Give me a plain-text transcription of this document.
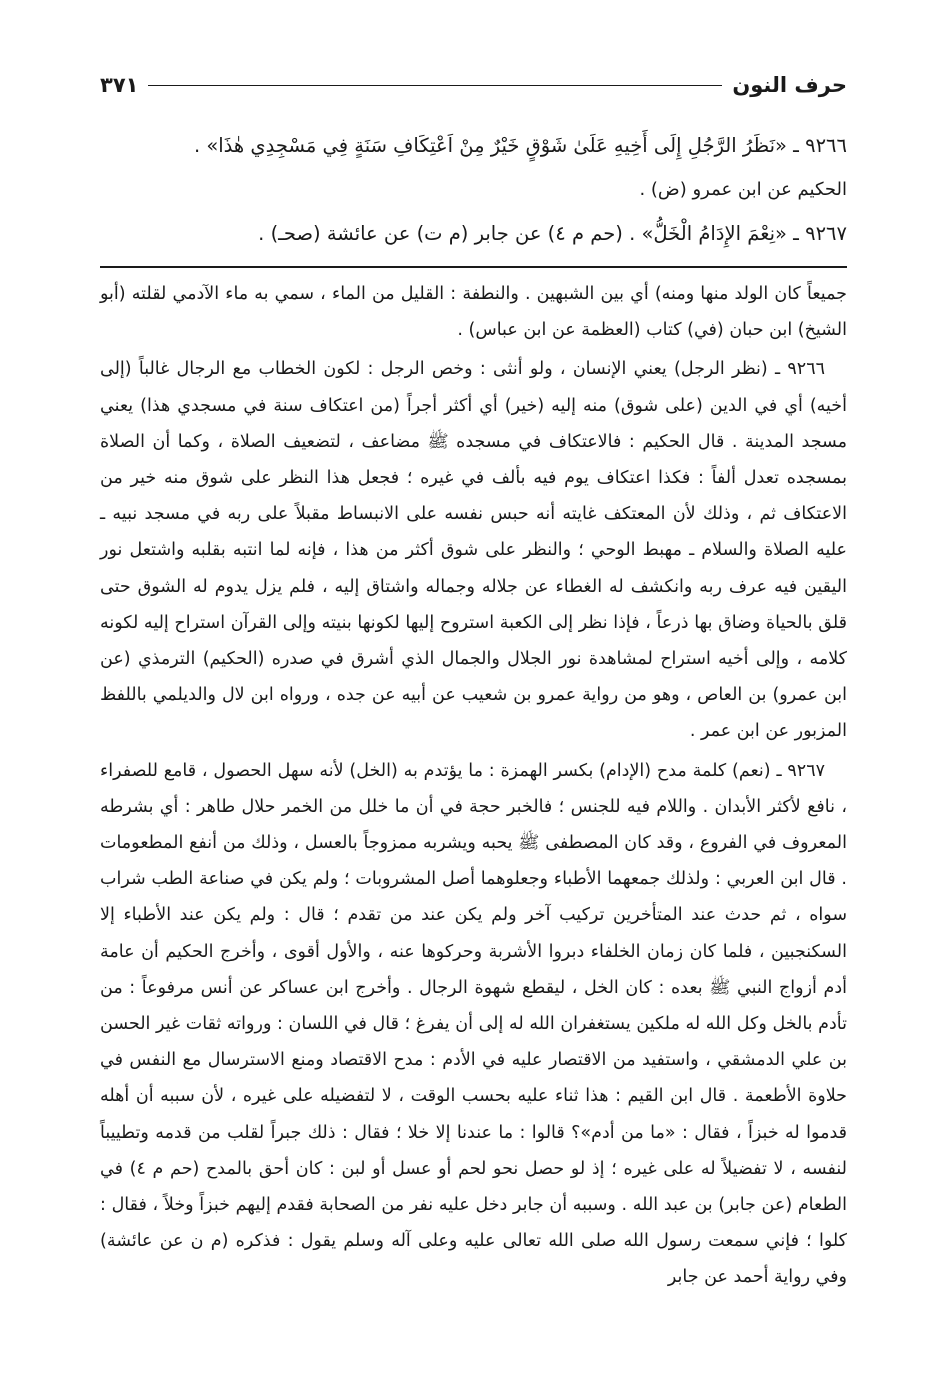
حرف النون
٣٧١

٩٢٦٦ ـ «نَظَرُ الرَّجُلِ إِلَى أَخِيهِ عَلَىٰ شَوْقٍ خَيْرٌ مِنْ اَعْتِكَافِ سَنَةٍ فِي مَسْجِدِي هٰذَا» .

الحكيم عن ابن عمرو (ض) .

٩٢٦٧ ـ «نِعْمَ الإِدَامُ الْخَلُّ» . (حم م ٤) عن جابر (م ت) عن عائشة (صحـ) .

جميعاً كان الولد منها ومنه) أي بين الشبهين . والنطفة : القليل من الماء ، سمي به ماء الآدمي لقلته (أبو الشيخ) ابن حبان (في) كتاب (العظمة عن ابن عباس) .

٩٢٦٦ ـ (نظر الرجل) يعني الإنسان ، ولو أنثى : وخص الرجل : لكون الخطاب مع الرجال غالباً (إلى أخيه) أي في الدين (على شوق) منه إليه (خير) أي أكثر أجراً (من اعتكاف سنة في مسجدي هذا) يعني مسجد المدينة . قال الحكيم : فالاعتكاف في مسجده ﷺ مضاعف ، لتضعيف الصلاة ، وكما أن الصلاة بمسجده تعدل ألفاً : فكذا اعتكاف يوم فيه بألف في غيره ؛ فجعل هذا النظر على شوق منه خير من الاعتكاف ثم ، وذلك لأن المعتكف غايته أنه حبس نفسه على الانبساط مقبلاً على ربه في مسجد نبيه ـ عليه الصلاة والسلام ـ مهبط الوحي ؛ والنظر على شوق أكثر من هذا ، فإنه لما انتبه بقلبه واشتعل نور اليقين فيه عرف ربه وانكشف له الغطاء عن جلاله وجماله واشتاق إليه ، فلم يزل يدوم له الشوق حتى قلق بالحياة وضاق بها ذرعاً ، فإذا نظر إلى الكعبة استروح إليها لكونها بنيته وإلى القرآن استراح إليه لكونه كلامه ، وإلى أخيه استراح لمشاهدة نور الجلال والجمال الذي أشرق في صدره (الحكيم) الترمذي (عن ابن عمرو) بن العاص ، وهو من رواية عمرو بن شعيب عن أبيه عن جده ، ورواه ابن لال والديلمي باللفظ المزبور عن ابن عمر .

٩٢٦٧ ـ (نعم) كلمة مدح (الإدام) بكسر الهمزة : ما يؤتدم به (الخل) لأنه سهل الحصول ، قامع للصفراء ، نافع لأكثر الأبدان . واللام فيه للجنس ؛ فالخبر حجة في أن ما خلل من الخمر حلال طاهر : أي بشرطه المعروف في الفروع ، وقد كان المصطفى ﷺ يحبه ويشربه ممزوجاً بالعسل ، وذلك من أنفع المطعومات . قال ابن العربي : ولذلك جمعهما الأطباء وجعلوهما أصل المشروبات ؛ ولم يكن في صناعة الطب شراب سواه ، ثم حدث عند المتأخرين تركيب آخر ولم يكن عند من تقدم ؛ قال : ولم يكن عند الأطباء إلا السكنجبين ، فلما كان زمان الخلفاء دبروا الأشربة وحركوها عنه ، والأول أقوى ، وأخرج الحكيم أن عامة أدم أزواج النبي ﷺ بعده : كان الخل ، ليقطع شهوة الرجال . وأخرج ابن عساكر عن أنس مرفوعاً : من تأدم بالخل وكل الله له ملكين يستغفران الله له إلى أن يفرغ ؛ قال في اللسان : ورواته ثقات غير الحسن بن علي الدمشقي ، واستفيد من الاقتصار عليه في الأدم : مدح الاقتصاد ومنع الاسترسال مع النفس في حلاوة الأطعمة . قال ابن القيم : هذا ثناء عليه بحسب الوقت ، لا لتفضيله على غيره ، لأن سببه أن أهله قدموا له خبزاً ، فقال : «ما من أدم»؟ قالوا : ما عندنا إلا خلا ؛ فقال : ذلك جبراً لقلب من قدمه وتطييباً لنفسه ، لا تفضيلاً له على غيره ؛ إذ لو حصل نحو لحم أو عسل أو لبن : كان أحق بالمدح (حم م ٤) في الطعام (عن جابر) بن عبد الله . وسببه أن جابر دخل عليه نفر من الصحابة فقدم إليهم خبزاً وخلاً ، فقال : كلوا ؛ فإني سمعت رسول الله صلى الله تعالى عليه وعلى آله وسلم يقول : فذكره (م ن عن عائشة) وفي رواية أحمد عن جابر
